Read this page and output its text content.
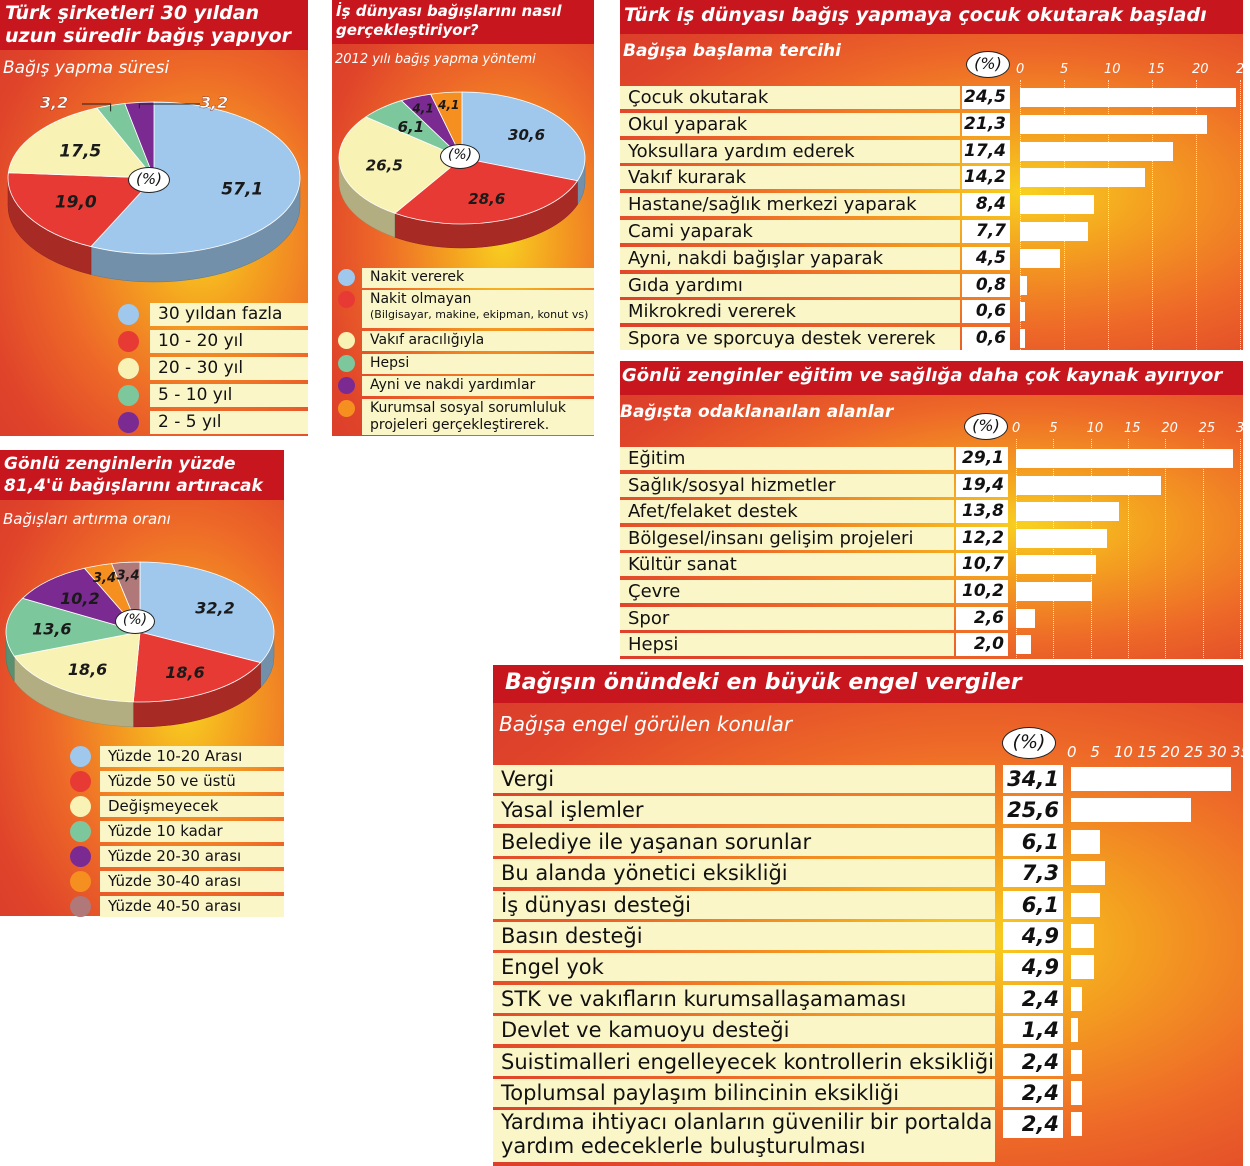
Türk şirketleri 30 yıldan uzun süredir bağış yapıyor
Bağış yapma süresi
57,1
19,0
17,5
3,2	3,2
(%)
30 yıldan fazla
10 - 20 yıl
20 - 30 yıl
5 - 10 yıl
2 - 5 yıl
İş dünyası bağışlarını nasıl gerçekleştiriyor?
2012 yılı bağış yapma yöntemi
30,6
28,6
26,5
6,1
4,1 4,1
(%)
Nakit vererek
Nakit olmayan
(Bilgisayar, makine, ekipman, konut vs)
Vakıf aracılığıyla
Hepsi
Ayni ve nakdi yardımlar
Kurumsal sosyal sorumluluk projeleri gerçekleştirerek.
Gönlü zenginlerin yüzde 81,4'ü bağışlarını artıracak
Bağışları artırma oranı
32,2
18,6
18,6
13,6
10,2
3,4 3,4
(%)
Yüzde 10-20 Arası
Yüzde 50 ve üstü
Değişmeyecek
Yüzde 10 kadar
Yüzde 20-30 arası
Yüzde 30-40 arası
Yüzde 40-50 arası
Türk iş dünyası bağış yapmaya çocuk okutarak başladı
Bağışa başlama tercihi
(%)	0	5	10 15 20 2
Çocuk okutarak	24,5
Okul yaparak	21,3
Yoksullara yardım ederek	17,4
Vakıf kurarak	14,2
Hastane/sağlık merkezi yaparak	8,4
Cami yaparak	7,7
Ayni, nakdi bağışlar yaparak	4,5
Gıda yardımı	0,8
Mikrokredi vererek	0,6
Spora ve sporcuya destek vererek	0,6
Gönlü zenginler eğitim ve sağlığa daha çok kaynak ayırıyor
Bağışta odaklanaılan alanlar
(%) 0 5 10 15 20 25 3
Eğitim	29,1
Sağlık/sosyal hizmetler	19,4
Afet/felaket destek	13,8
Bölgesel/insanı gelişim projeleri	12,2
Kültür sanat	10,7
Çevre	10,2
Spor	2,6
Hepsi	2,0
Bağışın önündeki en büyük engel vergiler
Bağışa engel görülen konular
(%)	0 5 10 15 20 25 30 35
Vergi	34,1
Yasal işlemler	25,6
Belediye ile yaşanan sorunlar	6,1
Bu alanda yönetici eksikliği	7,3
İş dünyası desteği	6,1
Basın desteği	4,9
Engel yok	4,9
STK ve vakıfların kurumsallaşamaması	2,4
Devlet ve kamuoyu desteği	1,4
Suistimalleri engelleyecek kontrollerin eksikliği	2,4
Toplumsal paylaşım bilincinin eksikliği	2,4
Yardıma ihtiyacı olanların güvenilir bir portalda yardım edeceklerle buluşturulması
2,4
